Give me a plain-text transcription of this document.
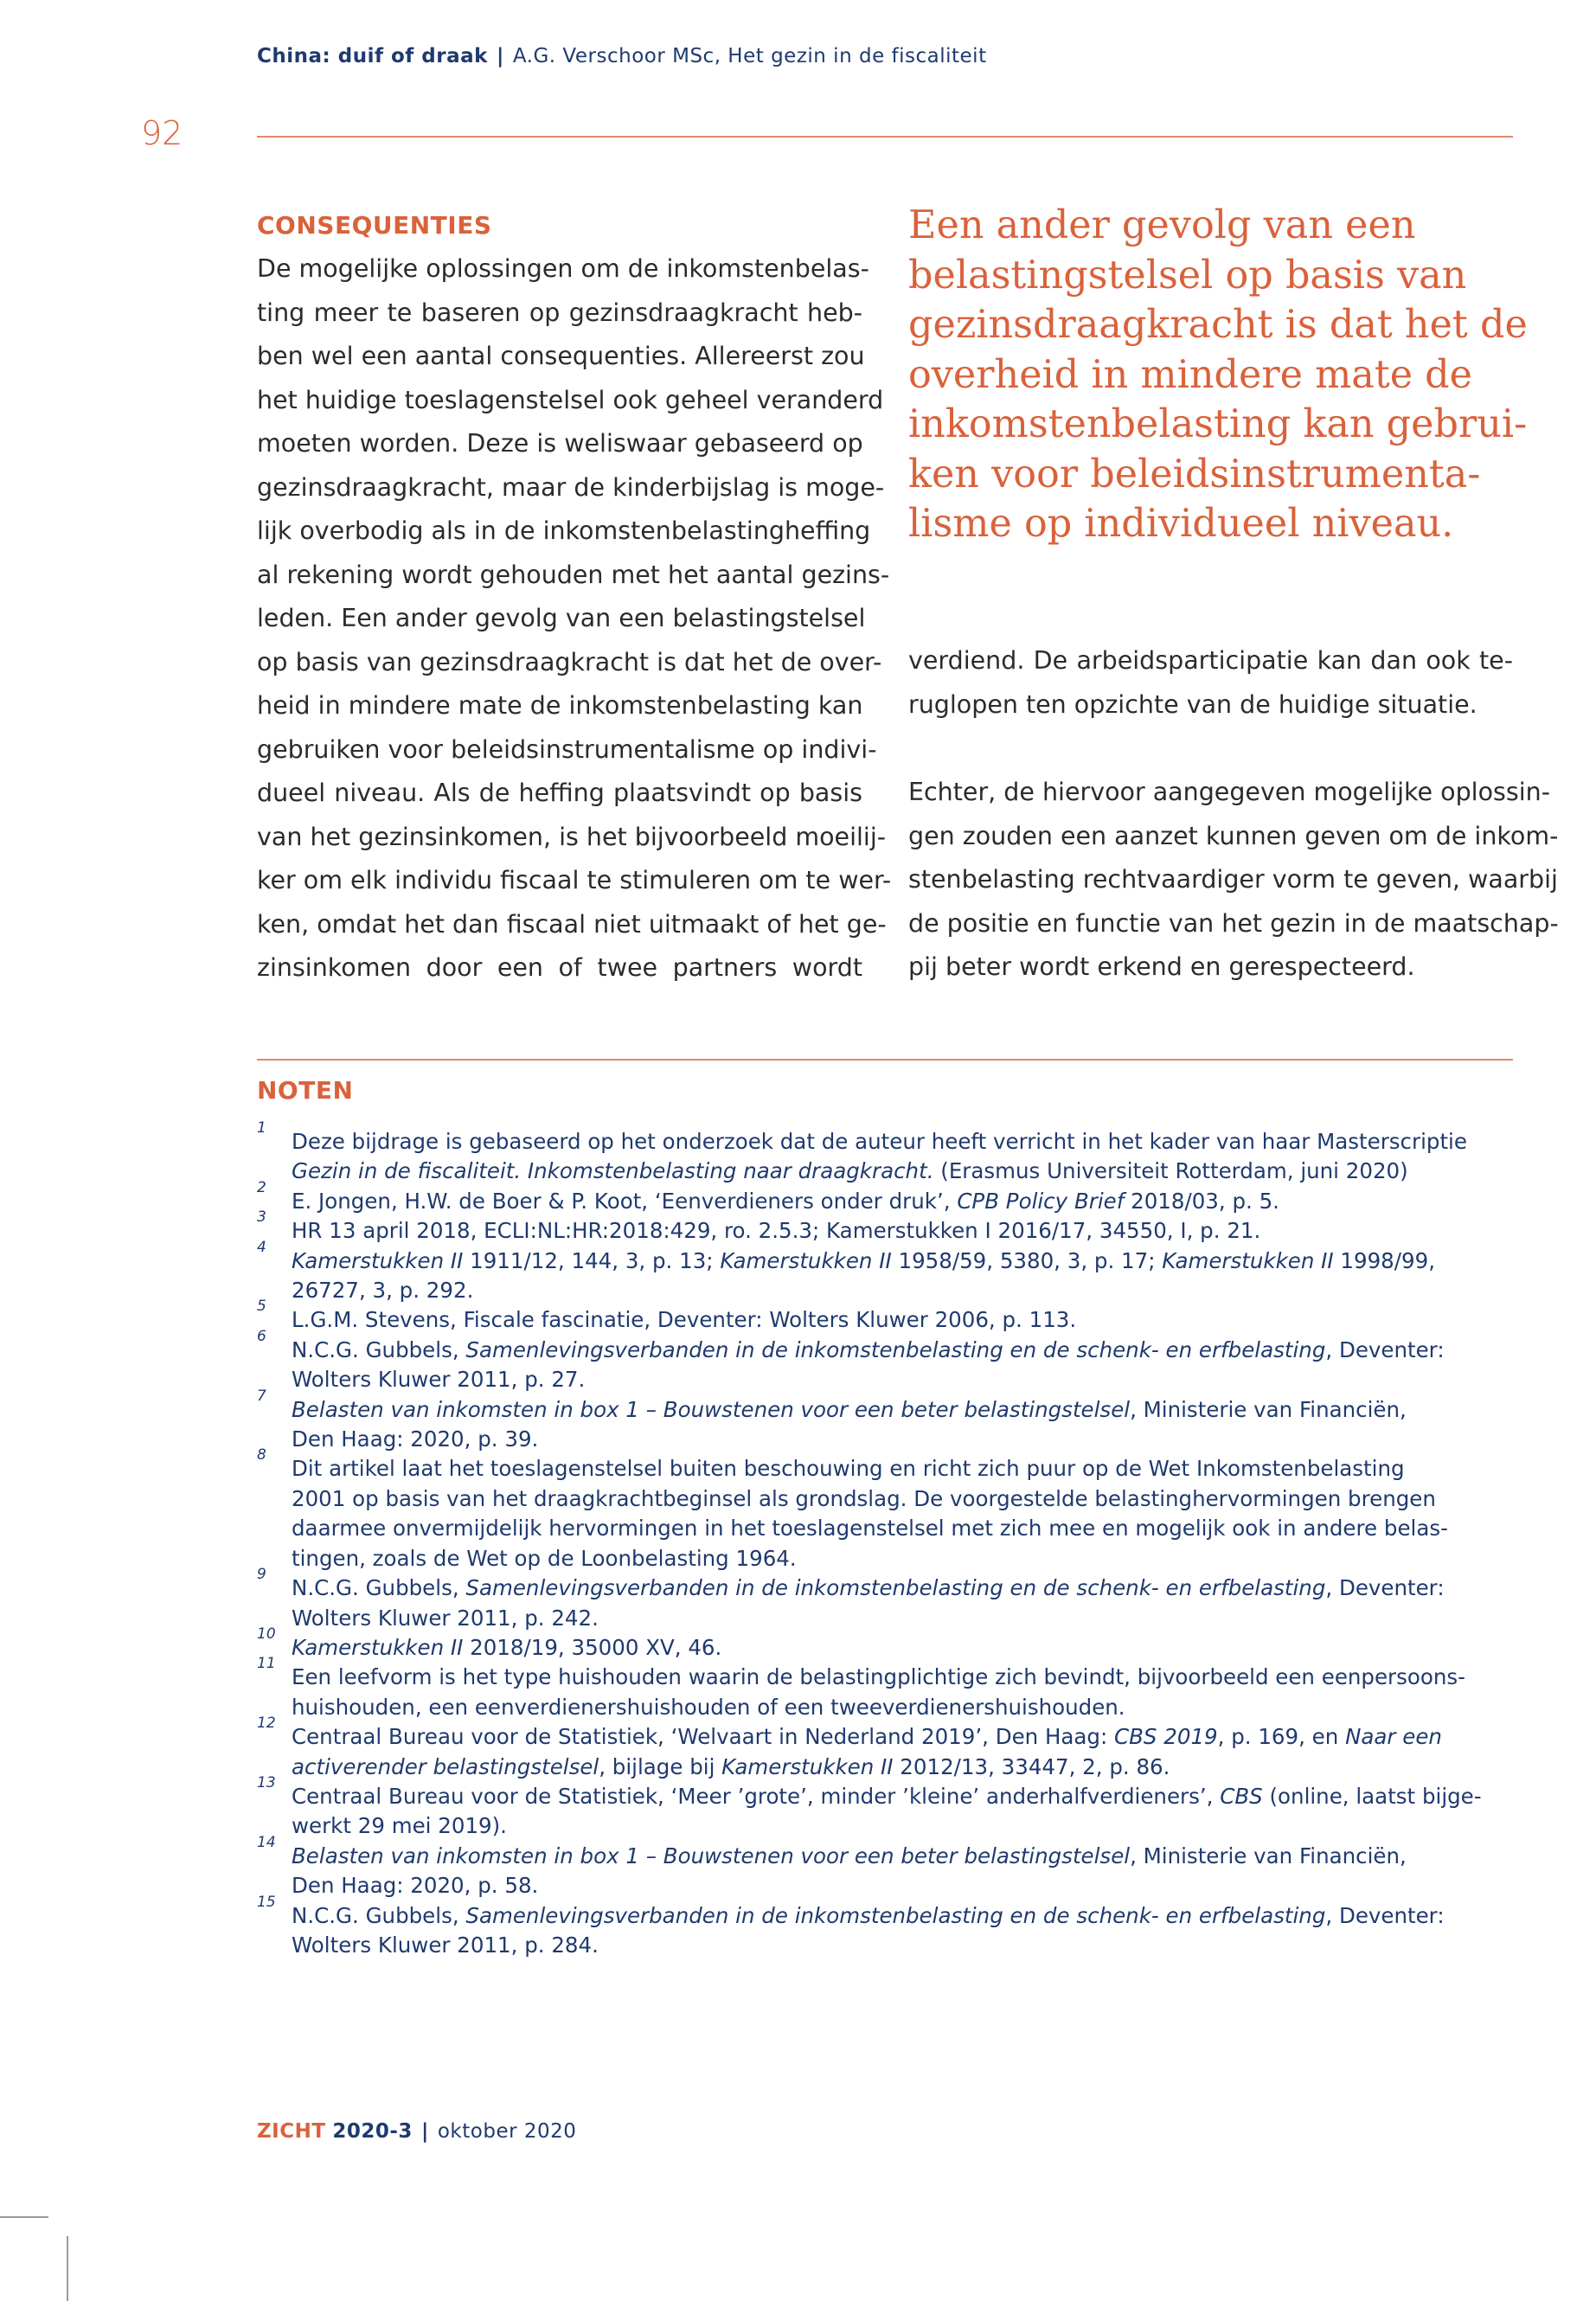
China: duif of draak | A.G. Verschoor MSc, Het gezin in de fiscaliteit
92
CONSEQUENTIES
De mogelijke oplossingen om de inkomstenbelas-
ting meer te baseren op gezinsdraagkracht heb-
ben wel een aantal consequenties. Allereerst zou
het huidige toeslagenstelsel ook geheel veranderd
moeten worden. Deze is weliswaar gebaseerd op
gezinsdraagkracht, maar de kinderbijslag is moge-
lijk overbodig als in de inkomstenbelastingheffing
al rekening wordt gehouden met het aantal gezins-
leden. Een ander gevolg van een belastingstelsel
op basis van gezinsdraagkracht is dat het de over-
heid in mindere mate de inkomstenbelasting kan
gebruiken voor beleidsinstrumentalisme op indivi-
dueel niveau. Als de heffing plaatsvindt op basis
van het gezinsinkomen, is het bijvoorbeeld moeilij-
ker om elk individu fiscaal te stimuleren om te wer-
ken, omdat het dan fiscaal niet uitmaakt of het ge-
zinsinkomen door een of twee partners wordt
Een ander gevolg van een
belastingstelsel op basis van
gezinsdraagkracht is dat het de
overheid in mindere mate de
inkomstenbelasting kan gebrui-
ken voor beleidsinstrumenta-
lisme op individueel niveau.
verdiend. De arbeidsparticipatie kan dan ook te-
ruglopen ten opzichte van de huidige situatie.
Echter, de hiervoor aangegeven mogelijke oplossin-
gen zouden een aanzet kunnen geven om de inkom-
stenbelasting rechtvaardiger vorm te geven, waarbij
de positie en functie van het gezin in de maatschap-
pij beter wordt erkend en gerespecteerd.
NOTEN
1
Deze bijdrage is gebaseerd op het onderzoek dat de auteur heeft verricht in het kader van haar Masterscriptie
Gezin in de fiscaliteit. Inkomstenbelasting naar draagkracht. (Erasmus Universiteit Rotterdam, juni 2020)
2
E. Jongen, H.W. de Boer & P. Koot, ‘Eenverdieners onder druk’, CPB Policy Brief 2018/03, p. 5.
3
HR 13 april 2018, ECLI:NL:HR:2018:429, ro. 2.5.3; Kamerstukken I 2016/17, 34550, I, p. 21.
4
Kamerstukken II 1911/12, 144, 3, p. 13; Kamerstukken II 1958/59, 5380, 3, p. 17; Kamerstukken II 1998/99,
26727, 3, p. 292.
5
L.G.M. Stevens, Fiscale fascinatie, Deventer: Wolters Kluwer 2006, p. 113.
6
N.C.G. Gubbels, Samenlevingsverbanden in de inkomstenbelasting en de schenk- en erfbelasting, Deventer:
Wolters Kluwer 2011, p. 27.
7
Belasten van inkomsten in box 1 – Bouwstenen voor een beter belastingstelsel, Ministerie van Financiën,
Den Haag: 2020, p. 39.
8
Dit artikel laat het toeslagenstelsel buiten beschouwing en richt zich puur op de Wet Inkomstenbelasting
2001 op basis van het draagkrachtbeginsel als grondslag. De voorgestelde belastinghervormingen brengen
daarmee onvermijdelijk hervormingen in het toeslagenstelsel met zich mee en mogelijk ook in andere belas-
tingen, zoals de Wet op de Loonbelasting 1964.
9
N.C.G. Gubbels, Samenlevingsverbanden in de inkomstenbelasting en de schenk- en erfbelasting, Deventer:
Wolters Kluwer 2011, p. 242.
10
Kamerstukken II 2018/19, 35000 XV, 46.
11
Een leefvorm is het type huishouden waarin de belastingplichtige zich bevindt, bijvoorbeeld een eenpersoons-
huishouden, een eenverdienershuishouden of een tweeverdienershuishouden.
12
Centraal Bureau voor de Statistiek, ‘Welvaart in Nederland 2019’, Den Haag: CBS 2019, p. 169, en Naar een
activerender belastingstelsel, bijlage bij Kamerstukken II 2012/13, 33447, 2, p. 86.
13
Centraal Bureau voor de Statistiek, ‘Meer ’grote’, minder ’kleine’ anderhalfverdieners’, CBS (online, laatst bijge-
werkt 29 mei 2019).
14
Belasten van inkomsten in box 1 – Bouwstenen voor een beter belastingstelsel, Ministerie van Financiën,
Den Haag: 2020, p. 58.
15
N.C.G. Gubbels, Samenlevingsverbanden in de inkomstenbelasting en de schenk- en erfbelasting, Deventer:
Wolters Kluwer 2011, p. 284.
ZICHT 2020-3 | oktober 2020
